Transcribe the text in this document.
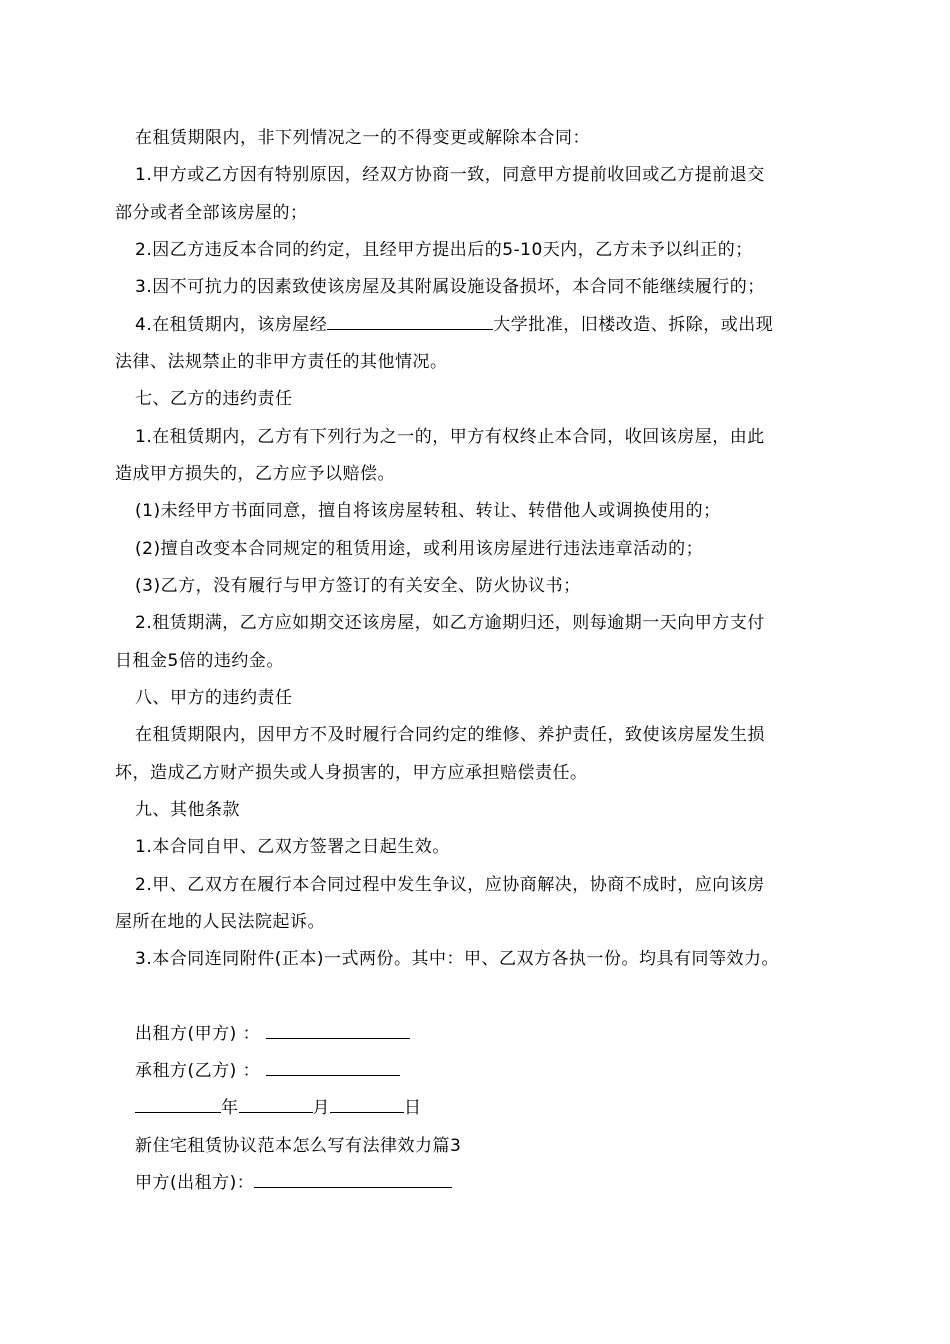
在租赁期限内，非下列情况之一的不得变更或解除本合同：
1.甲方或乙方因有特别原因，经双方协商一致，同意甲方提前收回或乙方提前退交
部分或者全部该房屋的；
2.因乙方违反本合同的约定，且经甲方提出后的5-10天内，乙方未予以纠正的；
3.因不可抗力的因素致使该房屋及其附属设施设备损坏，本合同不能继续履行的；
4.在租赁期内，该房屋经	大学批准，旧楼改造、拆除，或出现
法律、法规禁止的非甲方责任的其他情况。
七、乙方的违约责任
1.在租赁期内，乙方有下列行为之一的，甲方有权终止本合同，收回该房屋，由此
造成甲方损失的，乙方应予以赔偿。
(1)未经甲方书面同意，擅自将该房屋转租、转让、转借他人或调换使用的；
(2)擅自改变本合同规定的租赁用途，或利用该房屋进行违法违章活动的；
(3)乙方，没有履行与甲方签订的有关安全、防火协议书；
2.租赁期满，乙方应如期交还该房屋，如乙方逾期归还，则每逾期一天向甲方支付
日租金5倍的违约金。
八、甲方的违约责任
在租赁期限内，因甲方不及时履行合同约定的维修、养护责任，致使该房屋发生损
坏，造成乙方财产损失或人身损害的，甲方应承担赔偿责任。
九、其他条款
1.本合同自甲、乙双方签署之日起生效。
2.甲、乙双方在履行本合同过程中发生争议，应协商解决，协商不成时，应向该房
屋所在地的人民法院起诉。
3.本合同连同附件(正本)一式两份。其中：甲、乙双方各执一份。均具有同等效力。
出租方(甲方) ：
承租方(乙方) ：
年	月	日
新住宅租赁协议范本怎么写有法律效力篇3
甲方(出租方)：
